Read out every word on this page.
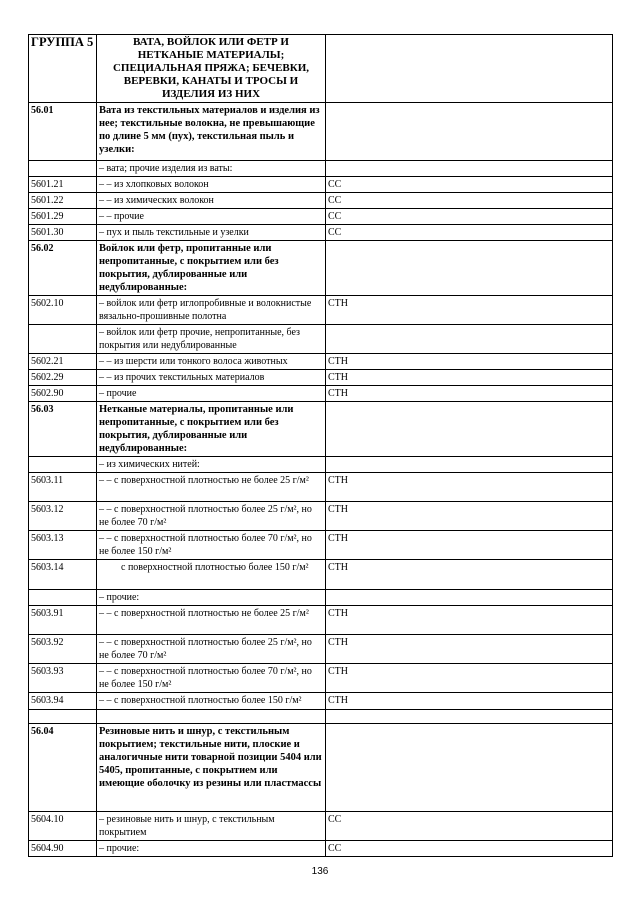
ГРУППА 5	ВАТА, ВОЙЛОК ИЛИ ФЕТР И НЕТКАНЫЕ МАТЕРИАЛЫ; СПЕЦИАЛЬНАЯ ПРЯЖА; БЕЧЕВКИ, ВЕРЕВКИ, КАНАТЫ И ТРОСЫ И ИЗДЕЛИЯ ИЗ НИХ	
56.01	Вата из текстильных материалов и изделия из нее; текстильные волокна, не превышающие по длине 5 мм (пух), текстильная пыль и узелки:	
	– вата; прочие изделия из ваты:	
5601.21	– – из хлопковых волокон	СС
5601.22	– – из химических волокон	СС
5601.29	– – прочие	СС
5601.30	– пух и пыль текстильные и узелки	СС
56.02	Войлок или фетр, пропитанные или непропитанные, с покрытием или без покрытия, дублированные или недублированные:	
5602.10	– войлок или фетр иглопробивные и волокнистые вязально-прошивные полотна	СТН
	– войлок или фетр прочие, непропитанные, без покрытия или недублированные	
5602.21	– – из шерсти или тонкого волоса животных	СТН
5602.29	– – из прочих текстильных материалов	СТН
5602.90	– прочие	СТН
56.03	Нетканые материалы, пропитанные или непропитанные, с покрытием или без покрытия, дублированные или недублированные:	
	– из химических нитей:	
5603.11	– – с поверхностной плотностью не более 25 г/м²	СТН
5603.12	– – с поверхностной плотностью более 25 г/м², но не более 70 г/м²	СТН
5603.13	– – с поверхностной плотностью более 70 г/м², но не более 150 г/м²	СТН
5603.14	с поверхностной плотностью более 150 г/м²	СТН
	– прочие:	
5603.91	– – с поверхностной плотностью не более 25 г/м²	СТН
5603.92	– – с поверхностной плотностью более 25 г/м², но не более 70 г/м²	СТН
5603.93	– – с поверхностной плотностью более 70 г/м², но не более 150 г/м²	СТН
5603.94	– – с поверхностной плотностью более 150 г/м²	СТН

56.04	Резиновые нить и шнур, с текстильным покрытием; текстильные нити, плоские и аналогичные нити товарной позиции 5404 или 5405, пропитанные, с покрытием или имеющие оболочку из резины или пластмассы	
5604.10	– резиновые нить и шнур, с текстильным покрытием	СС
5604.90	– прочие:	СС
136
